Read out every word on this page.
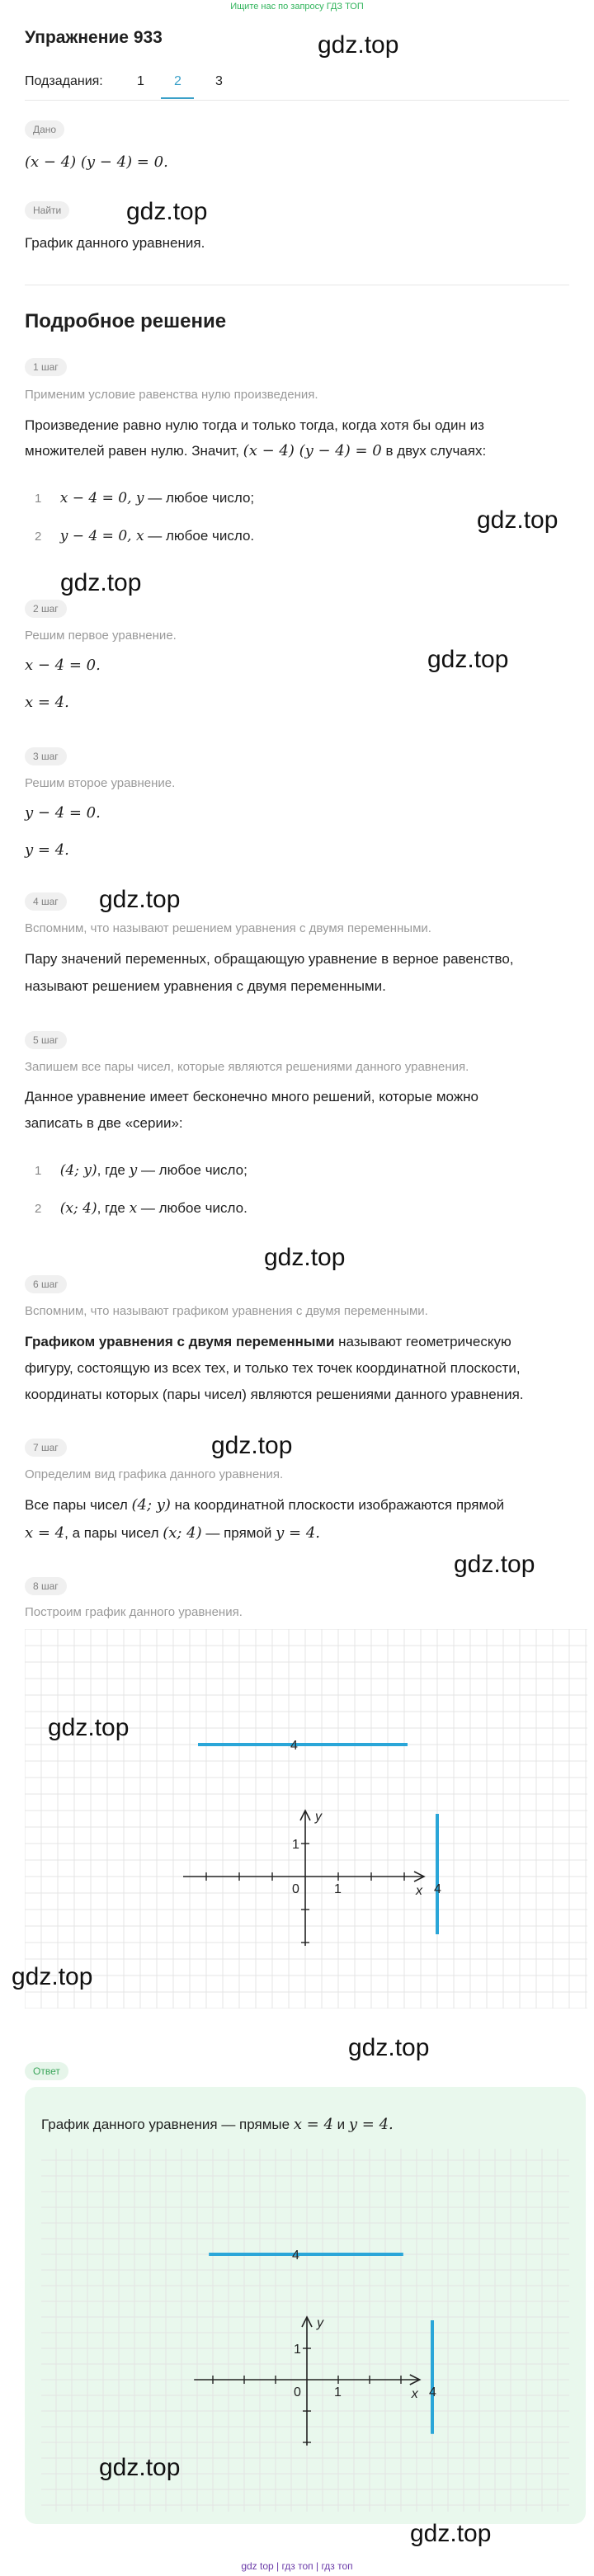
Ищите нас по запросу ГДЗ ТОП
Упражнение 933	gdz.top
Подзадания:	1 2	3
Дано
(x − 4) (y − 4) = 0.
Найти	gdz.top
График данного уравнения.
Подробное решение
1 шаг
Применим условие равенства нулю произведения.
Произведение равно нулю тогда и только тогда, когда хотя бы один из
множителей равен нулю. Значит, (x − 4) (y − 4) = 0 в двух случаях:
1 x − 4 = 0, y — любое число;
2 y − 4 = 0, x — любое число.
gdz.top
gdz.top
2 шаг
Решим первое уравнение.
gdz.top
x − 4 = 0.
x = 4.
3 шаг
Решим второе уравнение.
y − 4 = 0.
y = 4.
4 шаг	gdz.top
Вспомним, что называют решением уравнения с двумя переменными.
Пару значений переменных, обращающую уравнение в верное равенство,
называют решением уравнения с двумя переменными.
5 шаг
Запишем все пары чисел, которые являются решениями данного уравнения.
Данное уравнение имеет бесконечно много решений, которые можно
записать в две «серии»:
1 (4; y), где y — любое число;
2 (x; 4), где x — любое число.
gdz.top
6 шаг
Вспомним, что называют графиком уравнения с двумя переменными.
Графиком уравнения с двумя переменными называют геометрическую
фигуру, состоящую из всех тех, и только тех точек координатной плоскости,
координаты которых (пары чисел) являются решениями данного уравнения.
gdz.top
7 шаг
Определим вид графика данного уравнения.
Все пары чисел (4; y) на координатной плоскости изображаются прямой
x = 4, а пары чисел (x; 4) — прямой y = 4.
gdz.top
8 шаг
Построим график данного уравнения.
x
y
0	1
1
4
4
gdz.top
gdz.top
gdz.top
Ответ
График данного уравнения — прямые x = 4 и y = 4.
x
y
0	1
1
4
4
gdz.top
gdz.top
gdz top | гдз топ | гдз топ
